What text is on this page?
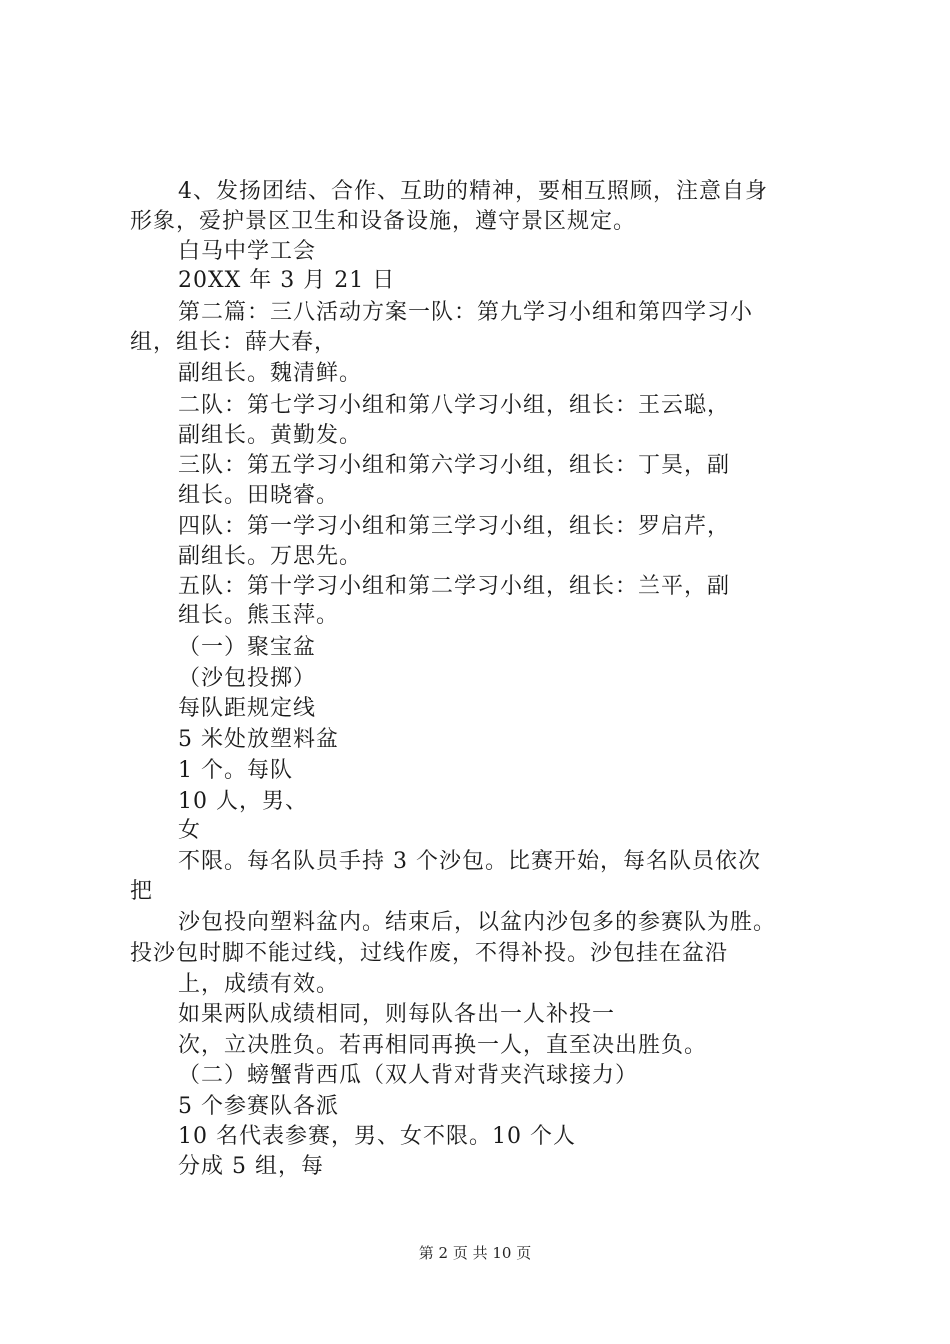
4、发扬团结、合作、互助的精神，要相互照顾，注意自身
形象，爱护景区卫生和设备设施，遵守景区规定。
白马中学工会
20XX 年 3 月 21 日
第二篇：三八活动方案一队：第九学习小组和第四学习小
组，组长：薛大春，
副组长。魏清鲜。
二队：第七学习小组和第八学习小组，组长：王云聪，
副组长。黄勤发。
三队：第五学习小组和第六学习小组，组长：丁昊，副
组长。田晓睿。
四队：第一学习小组和第三学习小组，组长：罗启芹，
副组长。万思先。
五队：第十学习小组和第二学习小组，组长：兰平，副
组长。熊玉萍。
（一）聚宝盆
（沙包投掷）
每队距规定线
5 米处放塑料盆
1 个。每队
10 人，男、
女
不限。每名队员手持 3 个沙包。比赛开始，每名队员依次
把
沙包投向塑料盆内。结束后，以盆内沙包多的参赛队为胜。
投沙包时脚不能过线，过线作废，不得补投。沙包挂在盆沿
上，成绩有效。
如果两队成绩相同，则每队各出一人补投一
次，立决胜负。若再相同再换一人，直至决出胜负。
（二）螃蟹背西瓜（双人背对背夹汽球接力）
5 个参赛队各派
10 名代表参赛，男、女不限。10 个人
分成 5 组，每
第 2 页 共 10 页
